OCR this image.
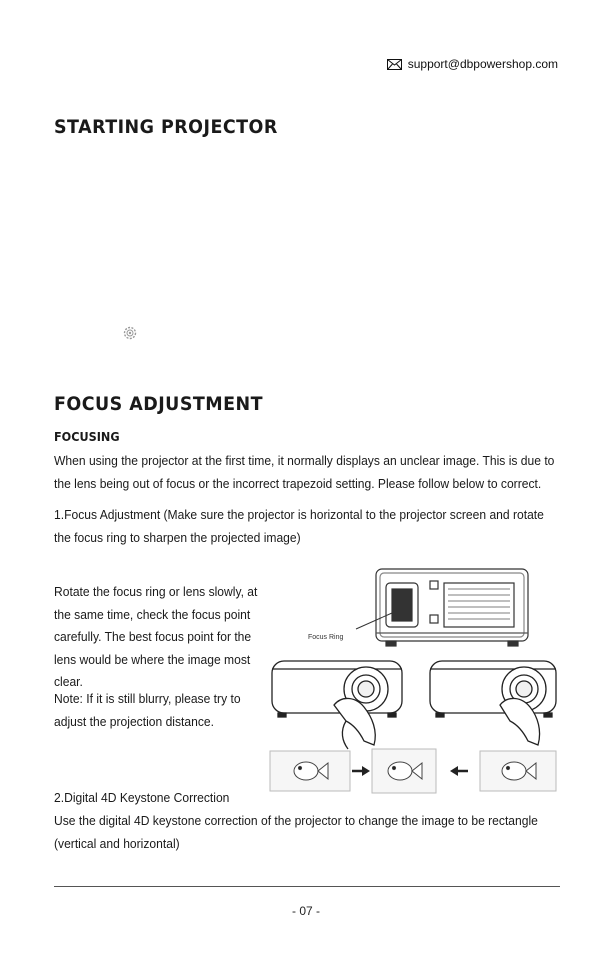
support@dbpowershop.com
STARTING PROJECTOR
FOCUS ADJUSTMENT

FOCUSING

When using the projector at the first time, it normally displays an unclear image. This is due to the lens being out of focus or the incorrect trapezoid setting. Please follow below to correct.

1.Focus Adjustment (Make sure the projector is horizontal to the projector screen and rotate the focus ring to sharpen the projected image)

Rotate the focus ring or lens slowly, at the same time, check the focus point carefully. The best focus point for the lens would be where the image most clear.

Note: If it is still blurry, please try to adjust the projection distance.

2.Digital 4D Keystone Correction
Use the digital 4D keystone correction of the projector to change the image to be rectangle (vertical and horizontal)

Focus Ring
- 07 -
